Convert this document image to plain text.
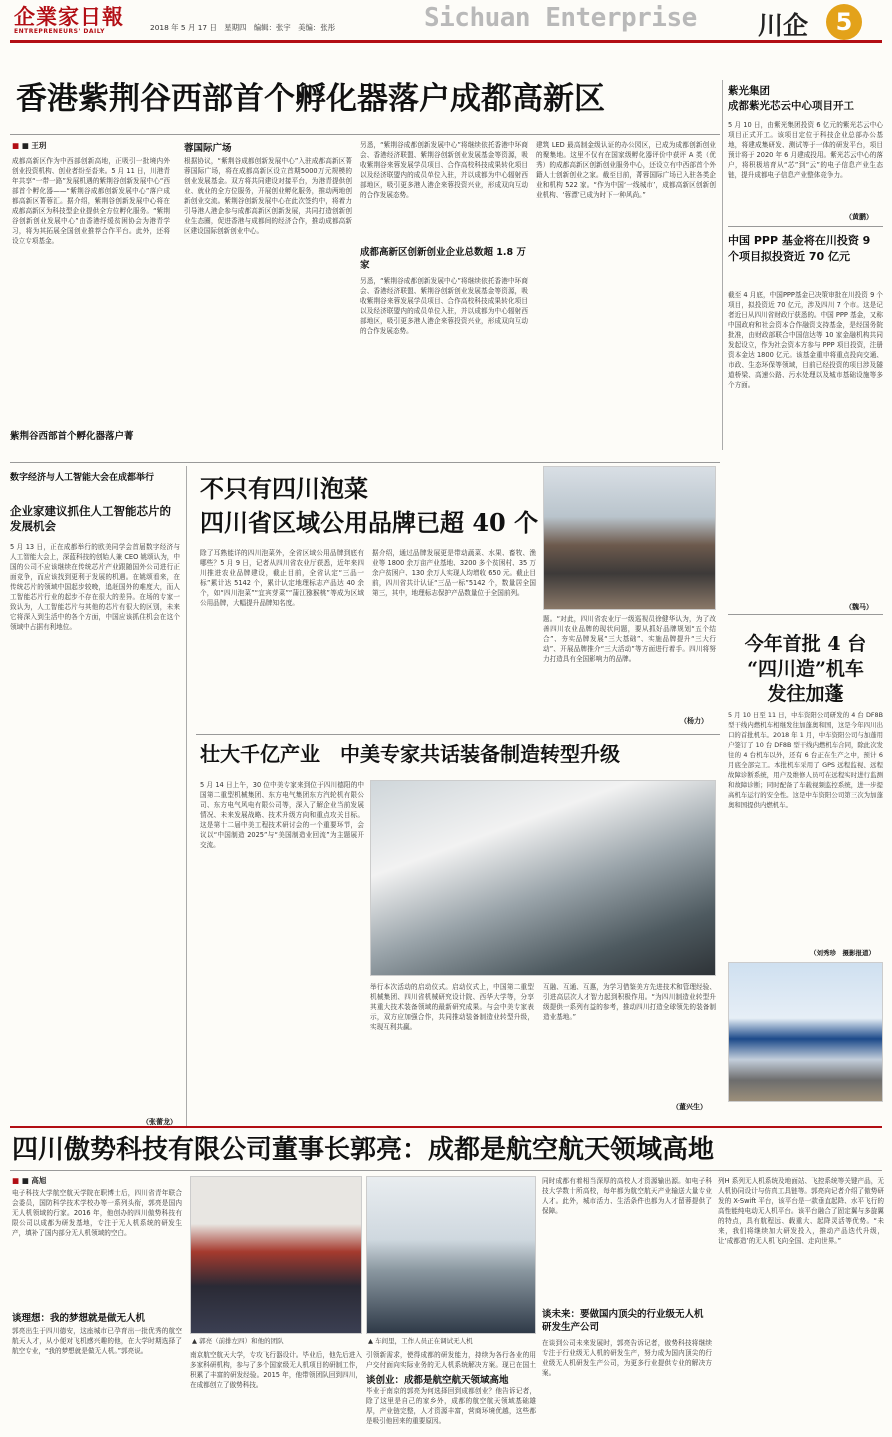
企業家日報
ENTREPRENEURS' DAILY	2018 年 5 月 17 日　星期四　编辑：张宇　美编：张彤	Sichuan Enterprise 川企	5
香港紫荆谷西部首个孵化器落户成都高新区
■ ■ 王玥
成都高新区作为中西部创新高地，正吸引一批境内外创业投资机构、创业者纷至沓来。5 月 11 日，川港青年共享“一带一路”发展机遇的紫荆谷创新发展中心“西部首个孵化器——“紫荆谷成都创新发展中心”落户成都高新区菁蓉汇。据介绍，紫荆谷创新发展中心将在成都高新区为科技型企业提供全方位孵化服务。“紫荆谷创新创业发展中心”由香港纾缓贫困协会为港青学习，将为其拓展全国创业推荐合作平台。此外，还将设立专项基金。
紫荆谷西部首个孵化器落户菁
蓉国际广场
根据协议，“紫荆谷成都创新发展中心”入驻成都高新区菁蓉国际广场，将在成都高新区设立首期5000万元规模的创业发展基金。双方将共同建设对接平台，为港青提供创业、就业的全方位服务，开展创业孵化服务，推动两地创新创业交流。紫荆谷创新发展中心在此次签约中，将着力引导港人港企参与成都高新区创新发展，共同打造创新创业生态圈，促进香港与成都间的经济合作，推动成都高新区建设国际创新创业中心。
另悉，“紫荆谷成都创新发展中心”将继续依托香港中环商会、香港经济联盟、紫荆谷创新创业发展基金等资源，吸收紫荆谷来蓉发展学员项目、合作高校科技成果转化项目以及经济联盟内的成员单位入驻，并以成都为中心辐射西部地区，吸引更多港人港企来蓉投资兴业，形成双向互动的合作发展态势。
成都高新区创新创业企业总数超 1.8 万家
另悉，“紫荆谷成都创新发展中心”将继续依托香港中环商会、香港经济联盟、紫荆谷创新创业发展基金等资源，吸收紫荆谷来蓉发展学员项目、合作高校科技成果转化项目以及经济联盟内的成员单位入驻，并以成都为中心辐射西部地区，吸引更多港人港企来蓉投资兴业，形成双向互动的合作发展态势。
建筑 LED 最高制金级认证的办公园区，已成为成都创新创业的聚集地。这里不仅有在国家级孵化器评价中获评 A 类（优秀）的成都高新区创新创业服务中心，还设立有中西部首个外籍人士创新创业之家。截至目前，菁蓉国际广场已入驻各类企业和机构 522 家。“作为中国‘一线城市’，成都高新区创新创业机构、‘蓉漂’已成为时下一种风尚。”
紫光集团
成都紫光芯云中心项目开工
5 月 10 日，由紫光集团投资 6 亿元的紫光芯云中心项目正式开工。该项目定位于科技企业总部办公基地，将建成集研发、测试等于一体的研发平台，项目预计将于 2020 年 6 月建成投用。紫光芯云中心的落户，将积极培育从“芯”到“云”的电子信息产业生态链，提升成都电子信息产业整体竞争力。
（黄鹏）
中国 PPP 基金将在川投资 9 个项目拟投资近 70 亿元
截至 4 月底，中国PPP基金已决策审批在川投资 9 个项目，拟投资近 70 亿元，涉及四川 7 个市。这是记者近日从四川省财政厅获悉的。中国 PPP 基金，又称中国政府和社会资本合作融资支持基金，是经国务院批准，由财政部联合中国信达等 10 家金融机构共同发起设立，作为社会资本方参与 PPP 项目投资，注册资本金达 1800 亿元。该基金重申将重点投向交通、市政、生态环保等领域，目前已经投资的项目涉及隧道桥梁、高速公路、污水处理以及城市基础设施等多个方面。
（魏马）
数字经济与人工智能大会在成都举行
企业家建议抓住人工智能芯片的发展机会
5 月 13 日，正在成都举行的欧美同学会首届数字经济与人工智能大会上，深蓝科技的创始人兼 CEO 姚颂认为，中国的公司不应该继续在传统芯片产业跟随国外公司进行正面竞争，而应该找到更利于发展的机遇。在姚颂看来，在传统芯片的领域中国起步较晚，追赶国外的难度大，而人工智能芯片行业的起步不存在很大的差异。在场的专家一致认为，人工智能芯片与其他的芯片有很大的区别，未来它将深入到生活中的各个方面，中国应该抓住机会在这个领域中占据有利地位。
（张蕾龙）
不只有四川泡菜
四川省区域公用品牌已超 40 个
除了耳熟能详的四川泡菜外，全省区域公用品牌到底有哪些？5 月 9 日，记者从四川省农业厅获悉，近年来四川推进农业品牌建设，截止目前，全省认定“三品一标”累计达 5142 个，累计认定地理标志产品达 40 余个，如“四川泡菜”“宜宾芽菜”“蒲江猕猴桃”等成为区域公用品牌，大幅提升品牌知名度。
据介绍，通过品牌发展更是带动蔬菜、水果、畜牧、渔业等 1800 余万亩产业基地、3200 多个贫困村、35 万余户贫困户、130 余万人实现人均增收 650 元。截止目前，四川省共计认证“三品一标”5142 个，数量居全国第三，其中，地理标志保护产品数量位于全国前列。
题。“对此，四川省农业厅一级巡视员徐健华认为，为了改善四川农业品牌的现状问题，要从抓好品牌规划“五个结合”、夯实品牌发展“三大基础”、实施品牌提升“三大行动”、开展品牌推介“三大活动”等方面进行着手。四川将努力打造具有全国影响力的品牌。
（杨力）
今年首批 4 台
“四川造”机车
发往加蓬
5 月 10 日至 11 日，中车资阳公司研发的 4 台 DF8B 型干线内燃机车相继发往加蓬奥和国，这是今年四川出口的首批机车。2018 年 1 月，中车资阳公司与加蓬用户签订了 10 台 DF8B 型干线内燃机车合同，除此次发往的 4 台机车以外，还有 6 台正在生产之中，预计 6 月底全部完工。本批机车采用了 GPS 远程监视、远程故障诊断系统，用户及维修人员可在远程实时进行监测和故障诊断；同时配备了车载视频监控系统，进一步提高机车运行的安全性。这是中车资阳公司第三次为加蓬奥和国提供内燃机车。
（刘秀珍　摄影报道）
壮大千亿产业　中美专家共话装备制造转型升级
5 月 14 日上午，30 位中美专家来到位于四川德阳的中国第二重型机械集团、东方电气集团东方汽轮机有限公司、东方电气风电有限公司等，深入了解企业当前发展情况、未来发展战略、技术升级方向和重点攻关目标。这是第十二届中美工程技术研讨会的一个重要环节，会议以“中国制造 2025”与“美国制造业回流”为主题展开交流。
举行本次活动的启动仪式。启动仪式上，中国第二重型机械集团、四川省机械研究设计院、西华大学等，分享其重大技术装备领域的最新研究成果。与会中美专家表示，双方应加强合作，共同推动装备制造业转型升级，实现互利共赢。
互融、互通、互惠，为学习借鉴美方先进技术和管理经验、引进高层次人才智力起到积极作用。“为四川制造业转型升级提供一系列有益的参考，推动四川打造全球领先的装备制造业基地。”
（董兴生）
四川傲势科技有限公司董事长郭亮：成都是航空航天领域高地
■ ■ 高旭
电子科技大学航空航天学院在职博士后，四川省青年联合会委员，国防科学技术学校办等一系列头衔，郭亮是国内无人机领域的行家。2016 年，他创办的四川傲势科技有限公司以成都为研发基地，专注于无人机系统的研发生产，填补了国内部分无人机领域的空白。
谈理想：我的梦想就是做无人机
郭亮出生于四川德安，这座城市已孕育出一批优秀的航空航天人才，从小便对飞机感兴趣的他，在大学时期选择了航空专业，“我的梦想就是做无人机。”郭亮说。
▲ 郭亮（前排左四）和他的团队	▲ 车间里，工作人员正在调试无人机
南京航空航天大学，专攻飞行器设计。毕业后，他先后进入多家科研机构，参与了多个国家级无人机项目的研制工作，积累了丰富的研发经验。2015 年，他带领团队回到四川，在成都创立了傲势科技。
引领新需求，使得成都的研发能力，持续为各行各业的用户交付面向实际业务的无人机系统解决方案。现已在国土
谈创业：成都是航空航天领域高地
毕业于南京的郭亮为何选择回到成都创业？他告诉记者，除了这里是自己的家乡外，成都的航空航天领域基础雄厚，产业链完整，人才资源丰富，营商环境优越，这些都是吸引他回来的重要原因。
同时成都有着相当深厚的高校人才资源输出源。如电子科技大学数十所高校，每年都为航空航天产业输送大量专业人才。此外，城市活力、生活条件也都为人才留蓉提供了保障。
谈未来：要做国内顶尖的行业级无人机研发生产公司
在谈到公司未来发展时，郭亮告诉记者，傲势科技将继续专注于行业级无人机的研发生产，努力成为国内顶尖的行业级无人机研发生产公司，为更多行业提供专业的解决方案。
列H 系列无人机系统及地面站、飞控系统等关键产品，无人机协同设计与仿真工具链等。郭亮向记者介绍了傲势研发的 X-Swift 平台，该平台是一款垂直起降、水平飞行的高性能纯电动无人机平台。该平台融合了固定翼与多旋翼的特点，具有航程远、载重大、起降灵活等优势。“未来，我们将继续加大研发投入，推动产品迭代升级，让‘成都造’的无人机飞向全国、走向世界。”
